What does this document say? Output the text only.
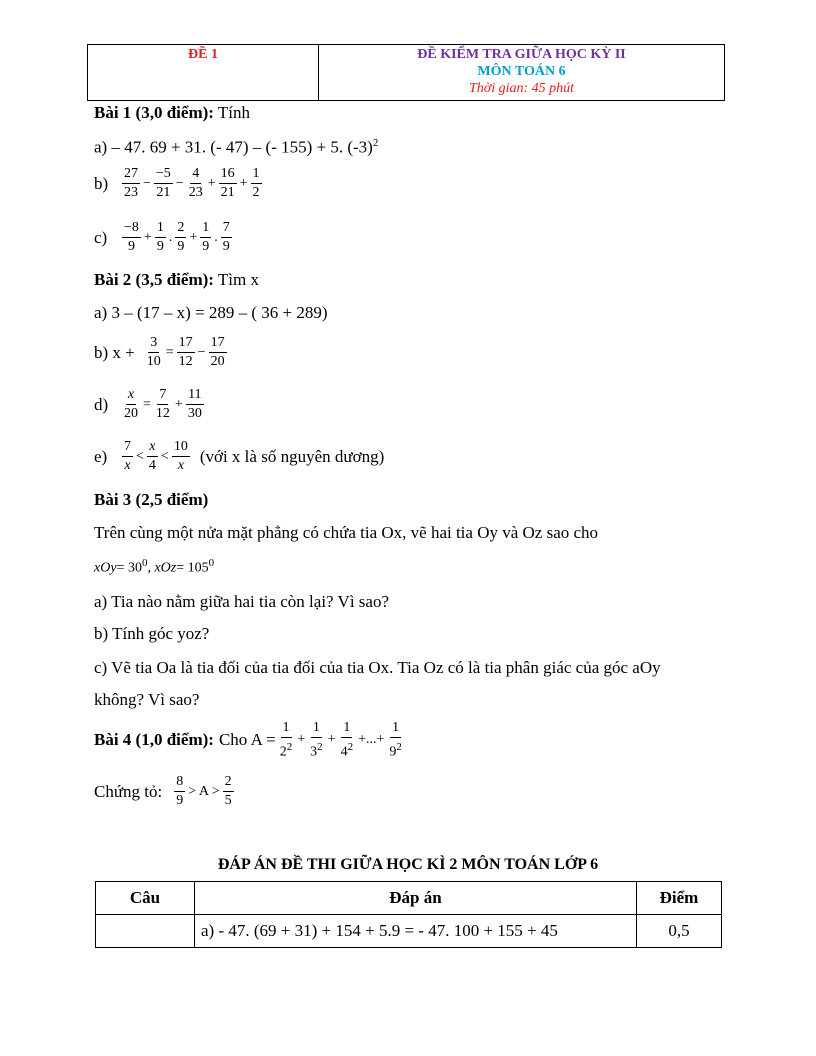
ĐỀ 1	ĐỀ KIỂM TRA GIỮA HỌC KỲ II
MÔN TOÁN 6
Thời gian: 45 phút
Bài 1 (3,0 điểm): Tính
a) – 47. 69 + 31. (- 47) – (- 155) + 5. $(-3)^2$
$b) \frac{27}{23} - \frac{-5}{21} - \frac{4}{23} + \frac{16}{21} + \frac{1}{2}$
c)	$\frac{-8}{9} + \frac{1}{9}$ . $\frac{2}{9} + \frac{1}{9}$ . $\frac{7}{9}$
Bài 2 (3,5 điểm): Tìm x
a) 3 – (17 – x) = 289 – ( 36 + 289)
b) $x + \frac{3}{10} = \frac{17}{12} - \frac{17}{20}$
$d) \frac{x}{20} = \frac{7}{12} + \frac{11}{30}$
e)	$\frac{7}{x} < \frac{x}{4} < \frac{10}{x}$ (với x là số nguyên dương)
Bài 3 (2,5 điểm)
Trên cùng một nửa mặt phẳng có chứa tia Ox, vẽ hai tia Oy và Oz sao cho
$xOy= 30^0$, $xOz= 105^0$
a) Tia nào nằm giữa hai tia còn lại? Vì sao?
b) Tính góc yoz?
c) Vẽ tia Oa là tia đối của tia đối của tia Ox. Tia Oz có là tia phân giác của góc aOy
không? Vì sao?
Bài 4 (1,0 điểm): Cho $A = \frac{1}{2^2} + \frac{1}{3^2} + \frac{1}{4^2}$ +...+ $\frac{1}{9^2}$
Chứng tỏ: $\frac{8}{9} > A > \frac{2}{5}$
ĐÁP ÁN ĐỀ THI GIỮA HỌC KÌ 2 MÔN TOÁN LỚP 6
Câu	Đáp án	Điểm
	a) - 47. (69 + 31) + 154 + 5.9 = - 47. 100 + 155 + 45	0,5
